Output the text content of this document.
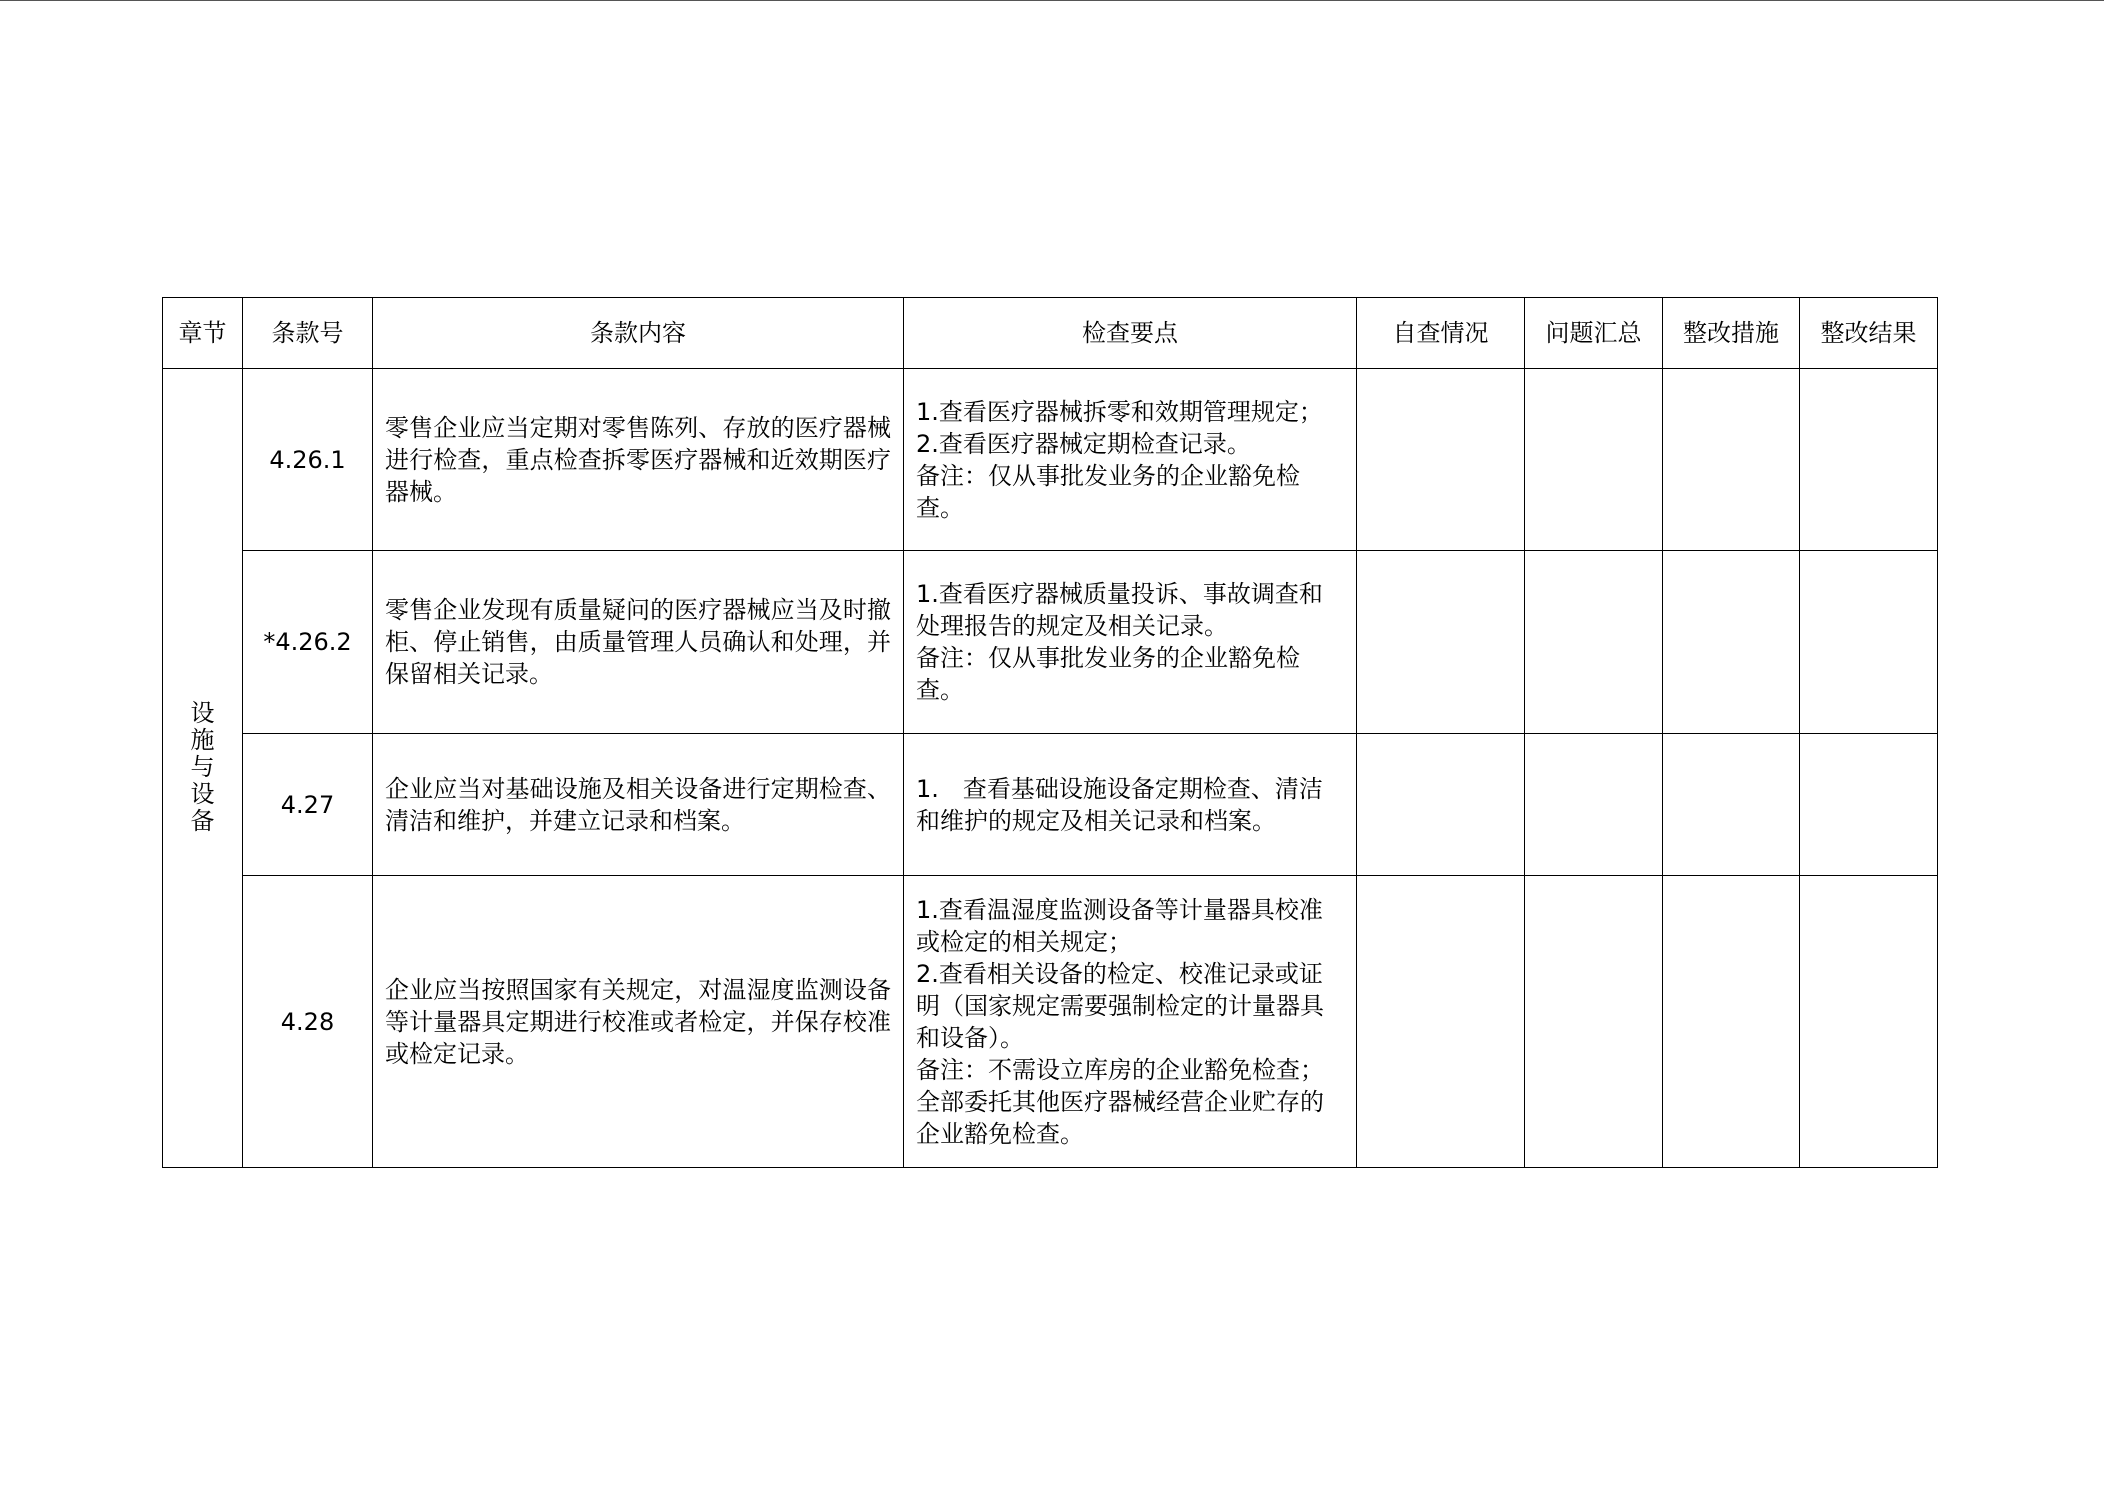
章节	条款号	条款内容	检查要点	自查情况	问题汇总	整改措施	整改结果
设施与设备	4.26.1	零售企业应当定期对零售陈列、存放的医疗器械进行检查，重点检查拆零医疗器械和近效期医疗器械。	1.查看医疗器械拆零和效期管理规定；
2.查看医疗器械定期检查记录。
备注：仅从事批发业务的企业豁免检查。				

	*4.26.2	零售企业发现有质量疑问的医疗器械应当及时撤柜、停止销售，由质量管理人员确认和处理，并保留相关记录。	1.查看医疗器械质量投诉、事故调查和处理报告的规定及相关记录。
备注：仅从事批发业务的企业豁免检查。				

	4.27	企业应当对基础设施及相关设备进行定期检查、清洁和维护，并建立记录和档案。	1.　查看基础设施设备定期检查、清洁和维护的规定及相关记录和档案。				

	4.28	企业应当按照国家有关规定，对温湿度监测设备等计量器具定期进行校准或者检定，并保存校准或检定记录。	1.查看温湿度监测设备等计量器具校准或检定的相关规定；
2.查看相关设备的检定、校准记录或证明（国家规定需要强制检定的计量器具和设备）。
备注：不需设立库房的企业豁免检查；全部委托其他医疗器械经营企业贮存的企业豁免检查。				
